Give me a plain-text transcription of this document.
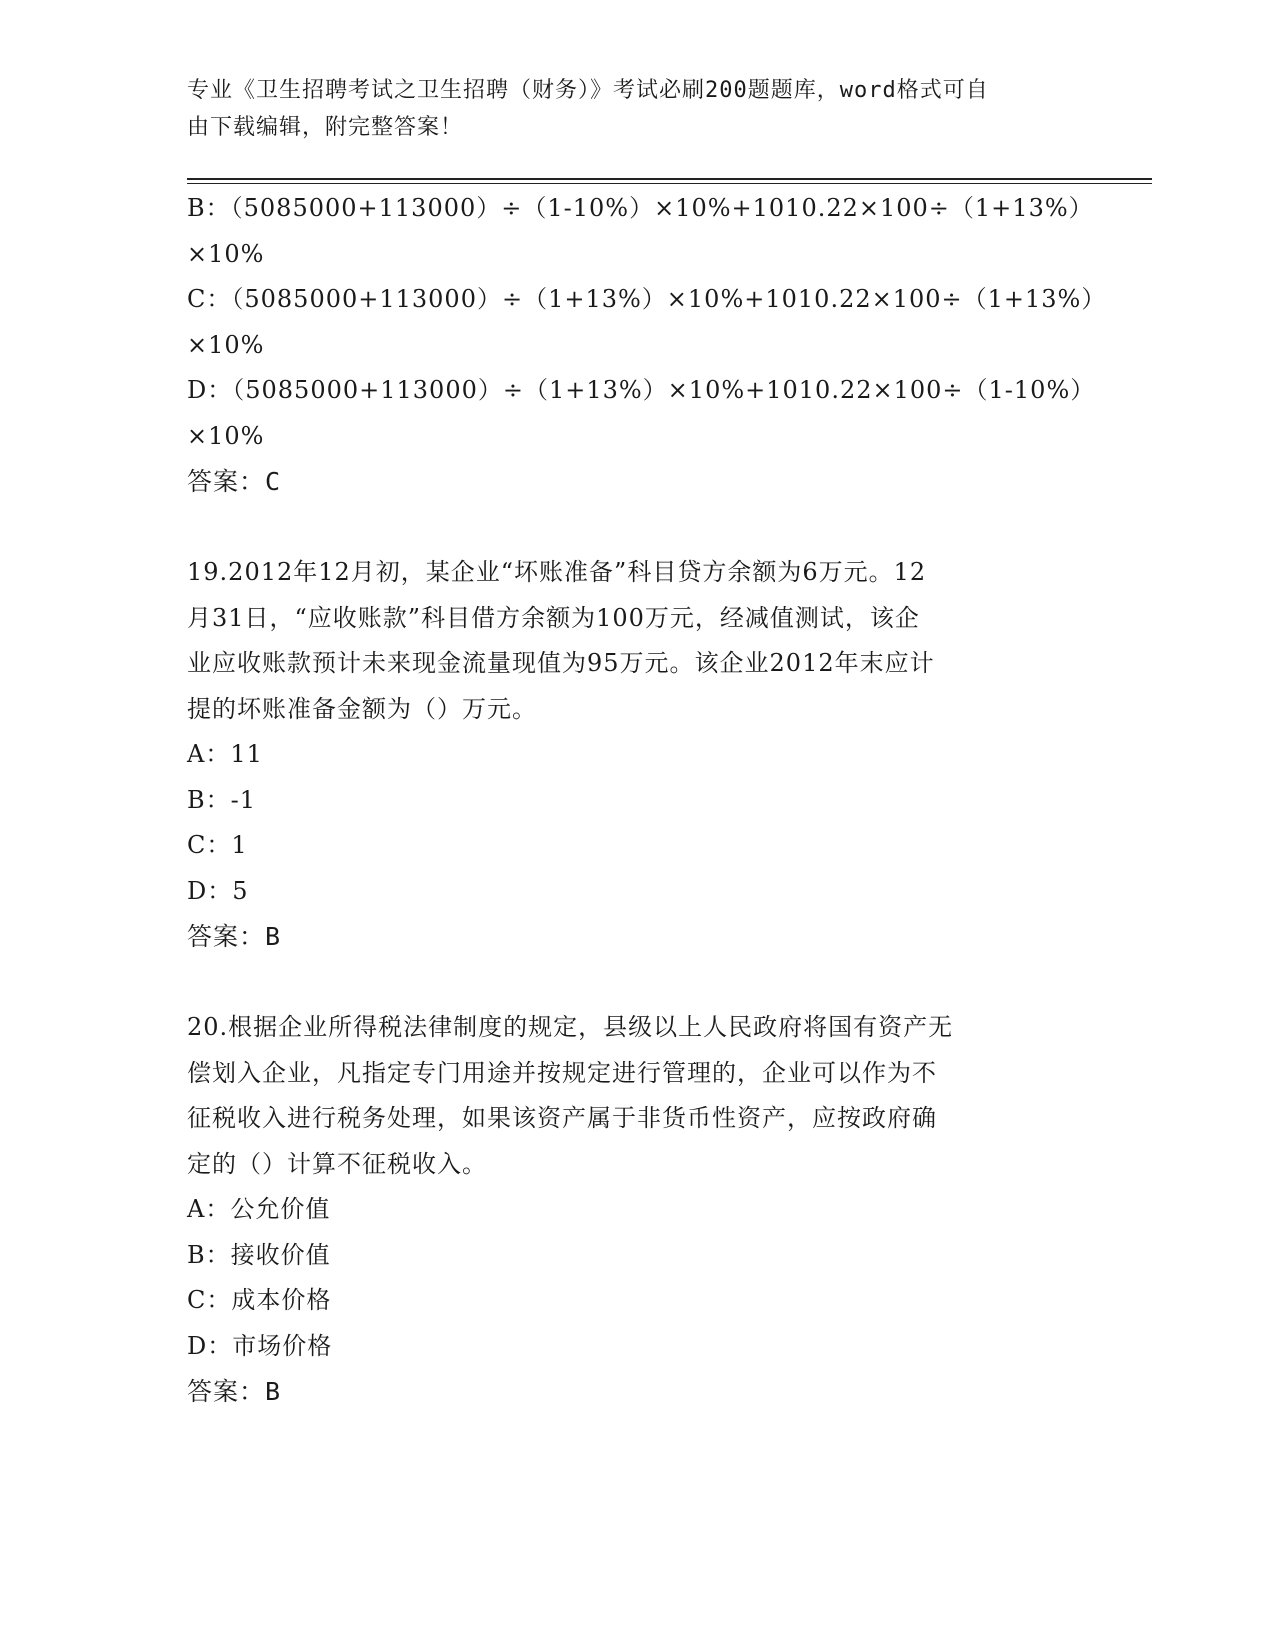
专业《卫生招聘考试之卫生招聘（财务）》考试必刷200题题库，word格式可自
由下载编辑，附完整答案！
B：（5085000+113000）÷（1-10%）×10%+1010.22×100÷（1+13%）
×10%
C：（5085000+113000）÷（1+13%）×10%+1010.22×100÷（1+13%）
×10%
D：（5085000+113000）÷（1+13%）×10%+1010.22×100÷（1-10%）
×10%
答案：C
19.2012年12月初，某企业“坏账准备”科目贷方余额为6万元。12
月31日，“应收账款”科目借方余额为100万元，经减值测试，该企
业应收账款预计未来现金流量现值为95万元。该企业2012年末应计
提的坏账准备金额为（）万元。
A：11
B：-1
C：1
D：5
答案：B
20.根据企业所得税法律制度的规定，县级以上人民政府将国有资产无
偿划入企业，凡指定专门用途并按规定进行管理的，企业可以作为不
征税收入进行税务处理，如果该资产属于非货币性资产，应按政府确
定的（）计算不征税收入。
A：公允价值
B：接收价值
C：成本价格
D：市场价格
答案：B
